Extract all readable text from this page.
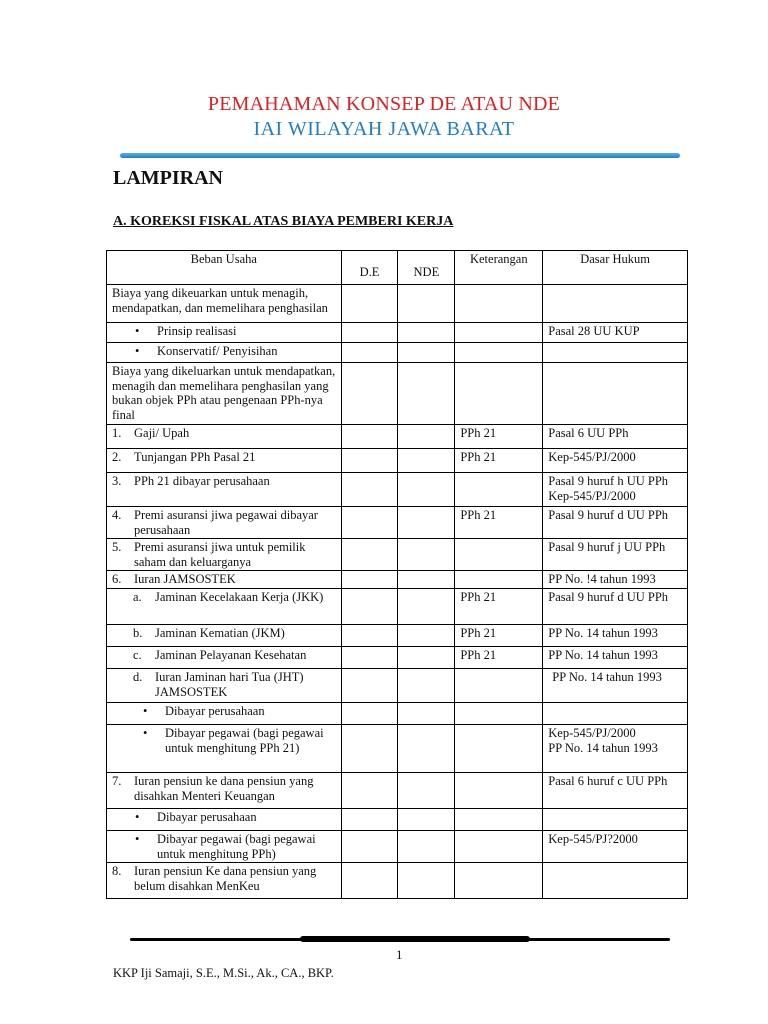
PEMAHAMAN KONSEP DE ATAU NDE
IAI WILAYAH JAWA BARAT
LAMPIRAN
A. KOREKSI FISKAL ATAS BIAYA PEMBERI KERJA
Beban Usaha	D.E	NDE	Keterangan	Dasar Hukum
Biaya yang dikeuarkan untuk menagih, mendapatkan, dan memelihara penghasilan				
• Prinsip realisasi				Pasal 28 UU KUP
• Konservatif/ Penyisihan				
Biaya yang dikeluarkan untuk mendapatkan, menagih dan memelihara penghasilan yang bukan objek PPh atau pengenaan PPh-nya final				
1. Gaji/ Upah			PPh 21	Pasal 6 UU PPh
2. Tunjangan PPh Pasal 21			PPh 21	Kep-545/PJ/2000
3. PPh 21 dibayar perusahaan				Pasal 9 huruf h UU PPh
Kep-545/PJ/2000

4. Premi asuransi jiwa pegawai dibayar
perusahaan			PPh 21	Pasal 9 huruf d UU PPh
5. Premi asuransi jiwa untuk pemilik
saham dan keluarganya				Pasal 9 huruf j UU PPh
6. Iuran JAMSOSTEK				PP No. !4 tahun 1993
a. Jaminan Kecelakaan Kerja (JKK)			PPh 21	Pasal 9 huruf d UU PPh
b. Jaminan Kematian (JKM)			PPh 21	PP No. 14 tahun 1993
c. Jaminan Pelayanan Kesehatan			PPh 21	PP No. 14 tahun 1993
d. Iuran Jaminan hari Tua (JHT)
JAMSOSTEK				PP No. 14 tahun 1993
• Dibayar perusahaan				
• Dibayar pegawai (bagi pegawai
untuk menghitung PPh 21)				Kep-545/PJ/2000
PP No. 14 tahun 1993

7. Iuran pensiun ke dana pensiun yang
disahkan Menteri Keuangan				Pasal 6 huruf c UU PPh
• Dibayar perusahaan				
• Dibayar pegawai (bagi pegawai
untuk menghitung PPh)				Kep-545/PJ?2000
8. Iuran pensiun Ke dana pensiun yang
belum disahkan MenKeu				

1
KKP Iji Samaji, S.E., M.Si., Ak., CA., BKP.
